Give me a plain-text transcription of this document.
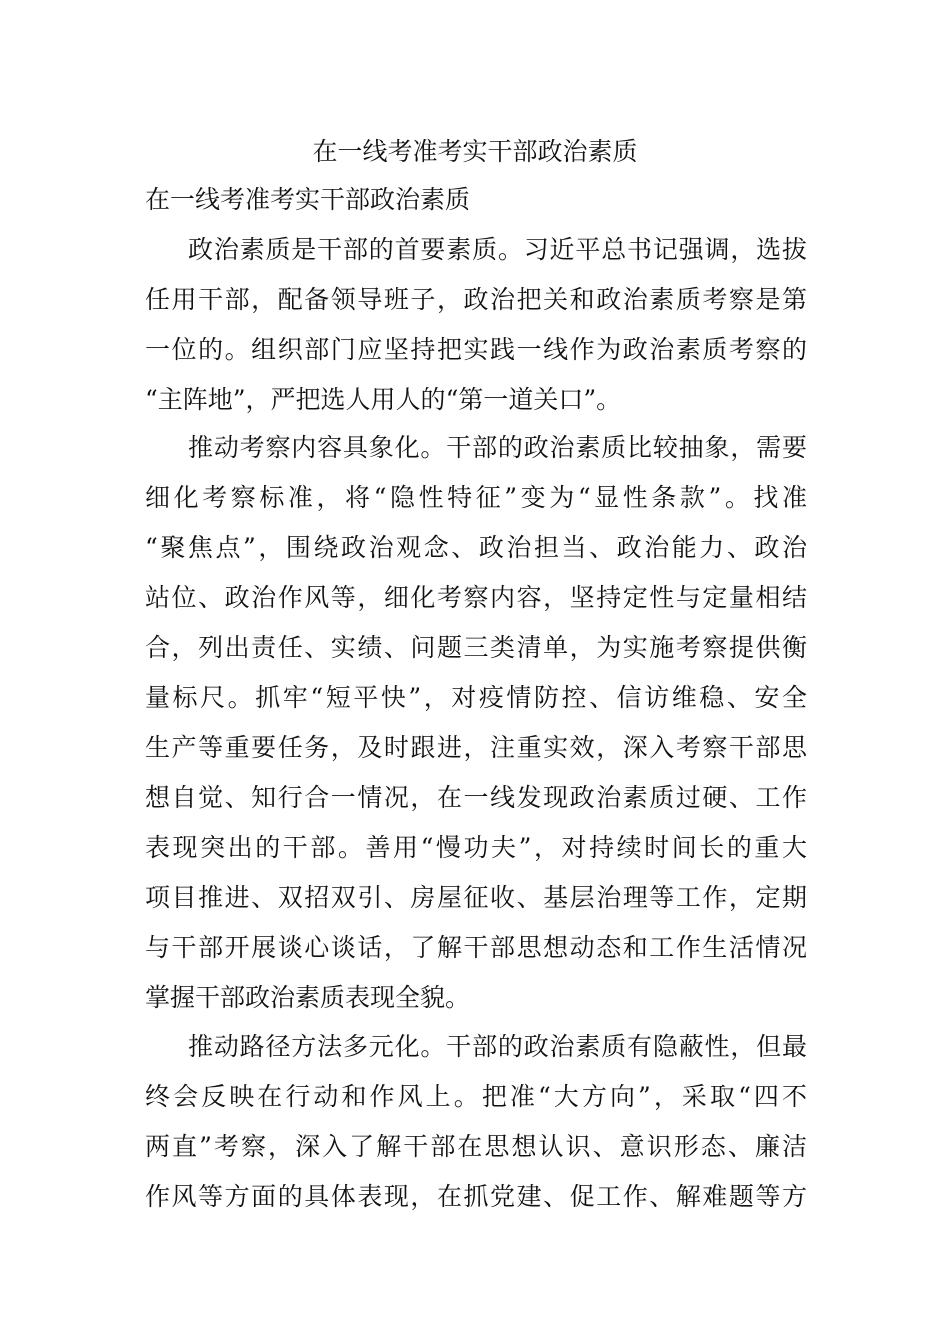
在一线考准考实干部政治素质
在一线考准考实干部政治素质
政治素质是干部的首要素质。习近平总书记强调，选拔
任用干部，配备领导班子，政治把关和政治素质考察是第
一位的。组织部门应坚持把实践一线作为政治素质考察的
“主阵地”，严把选人用人的“第一道关口”。
推动考察内容具象化。干部的政治素质比较抽象，需要
细化考察标准，将“隐性特征”变为“显性条款”。找准
“聚焦点”，围绕政治观念、政治担当、政治能力、政治
站位、政治作风等，细化考察内容，坚持定性与定量相结
合，列出责任、实绩、问题三类清单，为实施考察提供衡
量标尺。抓牢“短平快”，对疫情防控、信访维稳、安全
生产等重要任务，及时跟进，注重实效，深入考察干部思
想自觉、知行合一情况，在一线发现政治素质过硬、工作
表现突出的干部。善用“慢功夫”，对持续时间长的重大
项目推进、双招双引、房屋征收、基层治理等工作，定期
与干部开展谈心谈话，了解干部思想动态和工作生活情况
掌握干部政治素质表现全貌。
推动路径方法多元化。干部的政治素质有隐蔽性，但最
终会反映在行动和作风上。把准“大方向”，采取“四不
两直”考察，深入了解干部在思想认识、意识形态、廉洁
作风等方面的具体表现，在抓党建、促工作、解难题等方
